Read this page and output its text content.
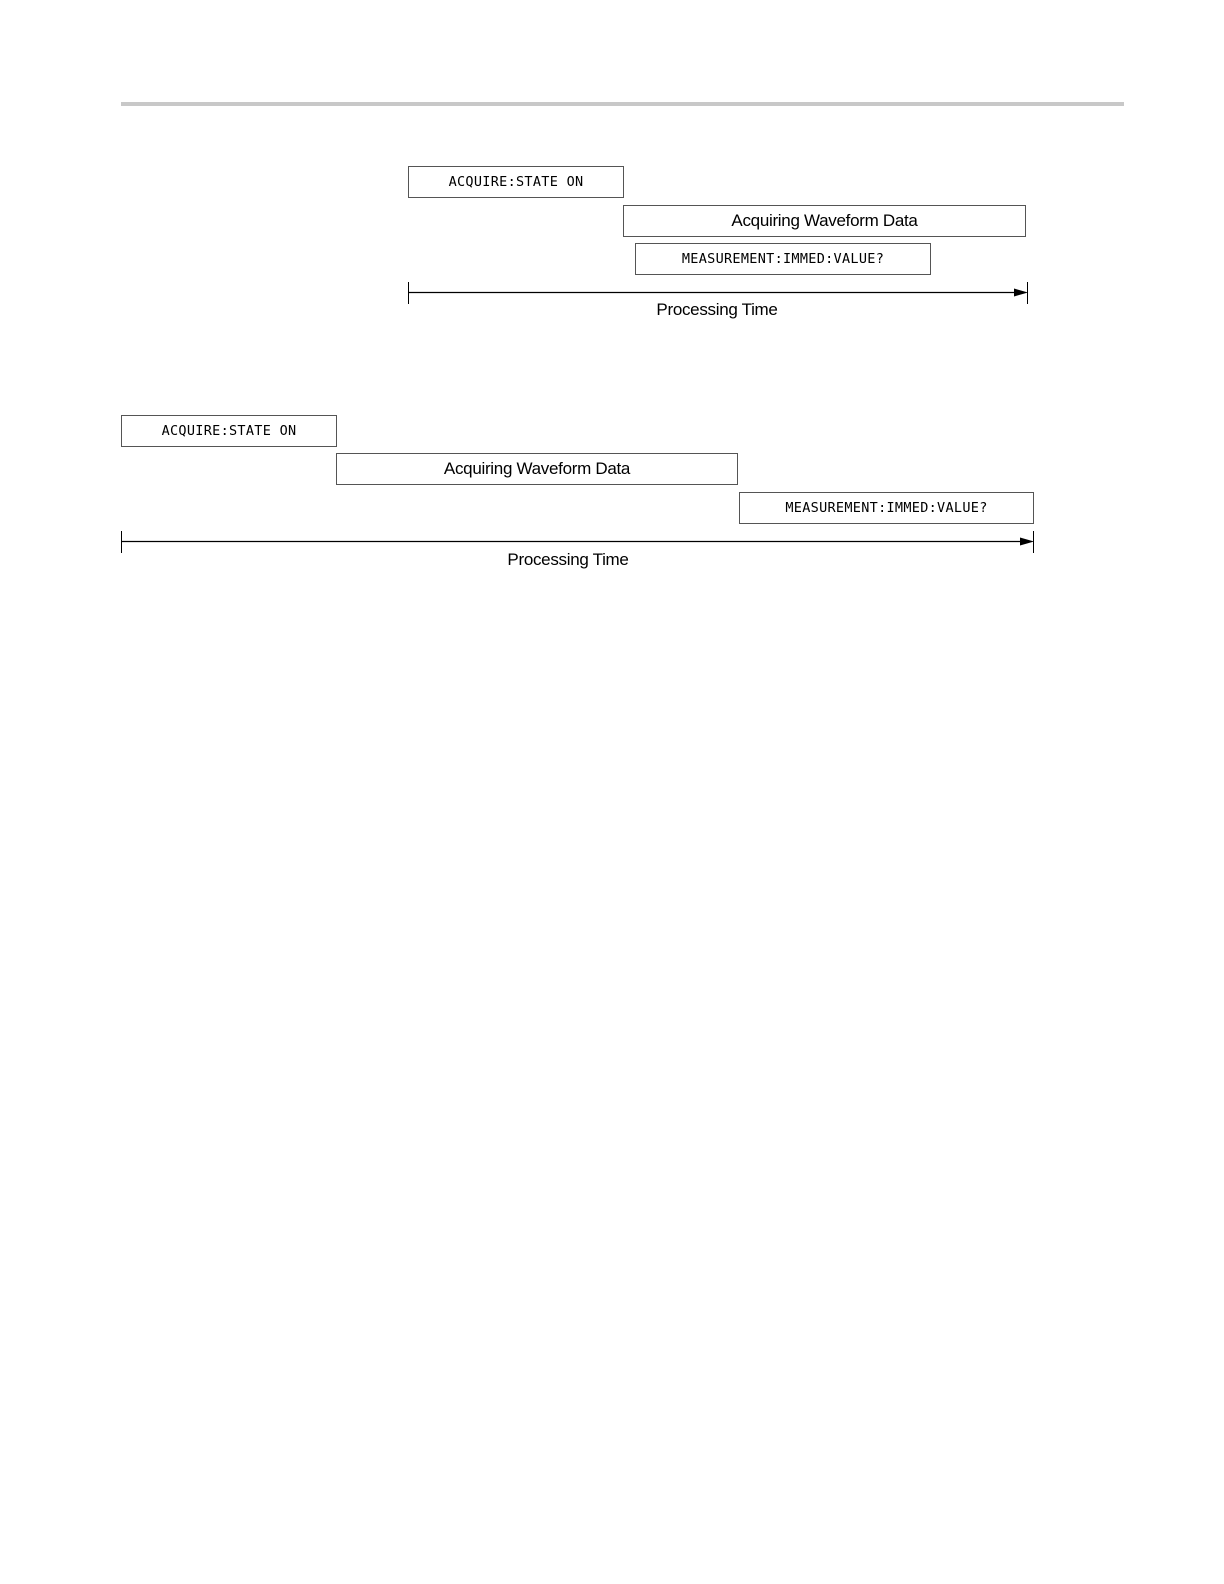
ACQUIRE:STATE ON
Acquiring Waveform Data
MEASUREMENT:IMMED:VALUE?
Processing Time
ACQUIRE:STATE ON
Acquiring Waveform Data
MEASUREMENT:IMMED:VALUE?
Processing Time
